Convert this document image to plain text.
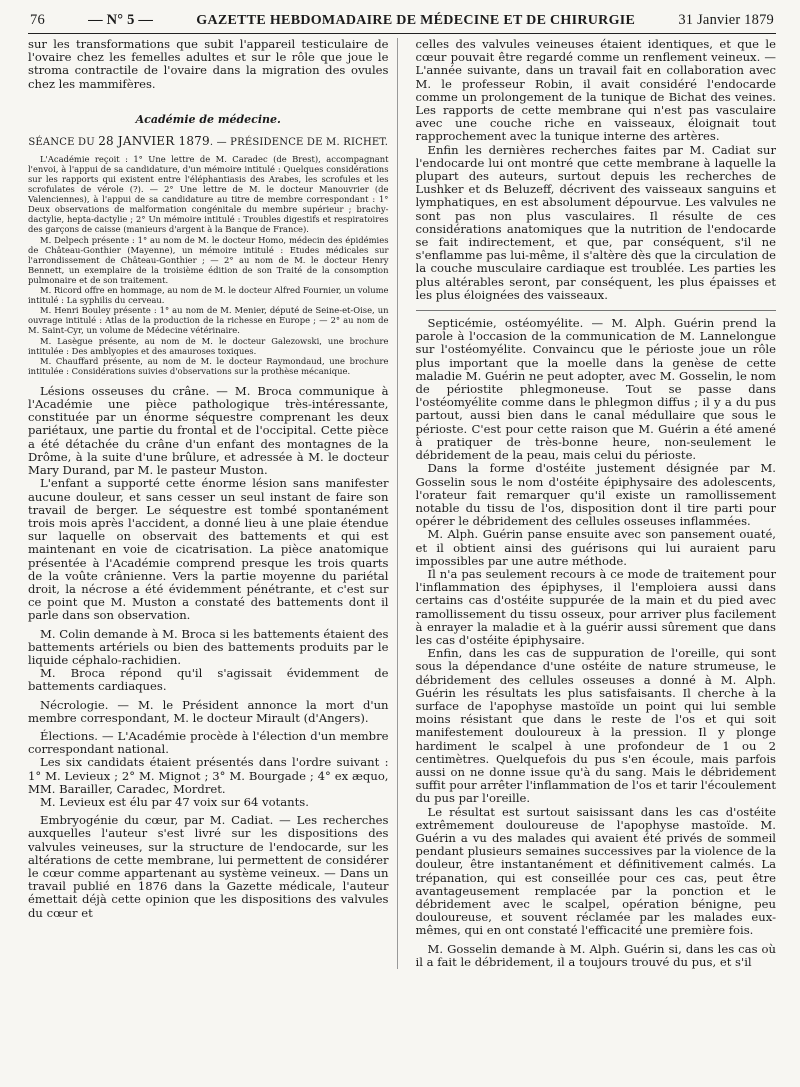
76	— N° 5 —	GAZETTE HEBDOMADAIRE DE MÉDECINE ET DE CHIRURGIE	31 Janvier 1879

sur les transformations que subit l'appareil testiculaire de l'ovaire chez les femelles adultes et sur le rôle que joue le stroma contractile de l'ovaire dans la migration des ovules chez les mammifères.

Académie de médecine.
SÉANCE DU 28 JANVIER 1879. — PRÉSIDENCE DE M. RICHET.

L'Académie reçoit : 1° Une lettre de M. Caradec (de Brest), accompagnant l'envoi, à l'appui de sa candidature, d'un mémoire intitulé : Quelques considérations sur les rapports qui existent entre l'éléphantiasis des Arabes, les scrofules et les scrofulates de vérole (?). — 2° Une lettre de M. le docteur Manouvrier (de Valenciennes), à l'appui de sa candidature au titre de membre correspondant : 1° Deux observations de malformation congénitale du membre supérieur ; brachy-dactylie, hepta-dactylie ; 2° Un mémoire intitulé : Troubles digestifs et respiratoires des garçons de caisse (manieurs d'argent à la Banque de France).

M. Delpech présente : 1° au nom de M. le docteur Homo, médecin des épidémies de Château-Gonthier (Mayenne), un mémoire intitulé : Etudes médicales sur l'arrondissement de Château-Gonthier ; — 2° au nom de M. le docteur Henry Bennett, un exemplaire de la troisième édition de son Traité de la consomption pulmonaire et de son traitement.

M. Ricord offre en hommage, au nom de M. le docteur Alfred Fournier, un volume intitulé : La syphilis du cerveau.

M. Henri Bouley présente : 1° au nom de M. Menier, député de Seine-et-Oise, un ouvrage intitulé : Atlas de la production de la richesse en Europe ; — 2° au nom de M. Saint-Cyr, un volume de Médecine vétérinaire.

M. Lasègue présente, au nom de M. le docteur Galezowski, une brochure intitulée : Des amblyopies et des amauroses toxiques.

M. Chauffard présente, au nom de M. le docteur Raymondaud, une brochure intitulée : Considérations suivies d'observations sur la prothèse mécanique.

Lésions osseuses du crâne. — M. Broca communique à l'Académie une pièce pathologique très-intéressante, constituée par un énorme séquestre comprenant les deux pariétaux, une partie du frontal et de l'occipital. Cette pièce a été détachée du crâne d'un enfant des montagnes de la Drôme, à la suite d'une brûlure, et adressée à M. le docteur Mary Durand, par M. le pasteur Muston.

L'enfant a supporté cette énorme lésion sans manifester aucune douleur, et sans cesser un seul instant de faire son travail de berger. Le séquestre est tombé spontanément trois mois après l'accident, a donné lieu à une plaie étendue sur laquelle on observait des battements et qui est maintenant en voie de cicatrisation. La pièce anatomique présentée à l'Académie comprend presque les trois quarts de la voûte crânienne. Vers la partie moyenne du pariétal droit, la nécrose a été évidemment pénétrante, et c'est sur ce point que M. Muston a constaté des battements dont il parle dans son observation.

M. Colin demande à M. Broca si les battements étaient des battements artériels ou bien des battements produits par le liquide céphalo-rachidien.

M. Broca répond qu'il s'agissait évidemment de battements cardiaques.

Nécrologie. — M. le Président annonce la mort d'un membre correspondant, M. le docteur Mirault (d'Angers).

Élections. — L'Académie procède à l'élection d'un membre correspondant national.

Les six candidats étaient présentés dans l'ordre suivant : 1° M. Levieux ; 2° M. Mignot ; 3° M. Bourgade ; 4° ex æquo, MM. Barailler, Caradec, Mordret.

M. Levieux est élu par 47 voix sur 64 votants.

Embryogénie du cœur, par M. Cadiat. — Les recherches auxquelles l'auteur s'est livré sur les dispositions des valvules veineuses, sur la structure de l'endocarde, sur les altérations de cette membrane, lui permettent de considérer le cœur comme appartenant au système veineux. — Dans un travail publié en 1876 dans la Gazette médicale, l'auteur émettait déjà cette opinion que les dispositions des valvules du cœur et

celles des valvules veineuses étaient identiques, et que le cœur pouvait être regardé comme un renflement veineux. — L'année suivante, dans un travail fait en collaboration avec M. le professeur Robin, il avait considéré l'endocarde comme un prolongement de la tunique de Bichat des veines. Les rapports de cette membrane qui n'est pas vasculaire avec une couche riche en vaisseaux, éloignait tout rapprochement avec la tunique interne des artères.

Enfin les dernières recherches faites par M. Cadiat sur l'endocarde lui ont montré que cette membrane à laquelle la plupart des auteurs, surtout depuis les recherches de Lushker et ds Beluzeff, décrivent des vaisseaux sanguins et lymphatiques, en est absolument dépourvue. Les valvules ne sont pas non plus vasculaires. Il résulte de ces considérations anatomiques que la nutrition de l'endocarde se fait indirectement, et que, par conséquent, s'il ne s'enflamme pas lui-même, il s'altère dès que la circulation de la couche musculaire cardiaque est troublée. Les parties les plus altérables seront, par conséquent, les plus épaisses et les plus éloignées des vaisseaux.

Septicémie, ostéomyélite. — M. Alph. Guérin prend la parole à l'occasion de la communication de M. Lannelongue sur l'ostéomyélite. Convaincu que le périoste joue un rôle plus important que la moelle dans la genèse de cette maladie M. Guérin ne peut adopter, avec M. Gosselin, le nom de périostite phlegmoneuse. Tout se passe dans l'ostéomyélite comme dans le phlegmon diffus ; il y a du pus partout, aussi bien dans le canal médullaire que sous le périoste. C'est pour cette raison que M. Guérin a été amené à pratiquer de très-bonne heure, non-seulement le débridement de la peau, mais celui du périoste.

Dans la forme d'ostéite justement désignée par M. Gosselin sous le nom d'ostéite épiphysaire des adolescents, l'orateur fait remarquer qu'il existe un ramollissement notable du tissu de l'os, disposition dont il tire parti pour opérer le débridement des cellules osseuses inflammées.

M. Alph. Guérin panse ensuite avec son pansement ouaté, et il obtient ainsi des guérisons qui lui auraient paru impossibles par une autre méthode.

Il n'a pas seulement recours à ce mode de traitement pour l'inflammation des épiphyses, il l'emploiera aussi dans certains cas d'ostéite suppurée de la main et du pied avec ramollissement du tissu osseux, pour arriver plus facilement à enrayer la maladie et à la guérir aussi sûrement que dans les cas d'ostéite épiphysaire.

Enfin, dans les cas de suppuration de l'oreille, qui sont sous la dépendance d'une ostéite de nature strumeuse, le débridement des cellules osseuses a donné à M. Alph. Guérin les résultats les plus satisfaisants. Il cherche à la surface de l'apophyse mastoïde un point qui lui semble moins résistant que dans le reste de l'os et qui soit manifestement douloureux à la pression. Il y plonge hardiment le scalpel à une profondeur de 1 ou 2 centimètres. Quelquefois du pus s'en écoule, mais parfois aussi on ne donne issue qu'à du sang. Mais le débridement suffit pour arrêter l'inflammation de l'os et tarir l'écoulement du pus par l'oreille.

Le résultat est surtout saisissant dans les cas d'ostéite extrêmement douloureuse de l'apophyse mastoïde. M. Guérin a vu des malades qui avaient été privés de sommeil pendant plusieurs semaines successives par la violence de la douleur, être instantanément et définitivement calmés. La trépanation, qui est conseillée pour ces cas, peut être avantageusement remplacée par la ponction et le débridement avec le scalpel, opération bénigne, peu douloureuse, et souvent réclamée par les malades eux-mêmes, qui en ont constaté l'efficacité une première fois.

M. Gosselin demande à M. Alph. Guérin si, dans les cas où il a fait le débridement, il a toujours trouvé du pus, et s'il
